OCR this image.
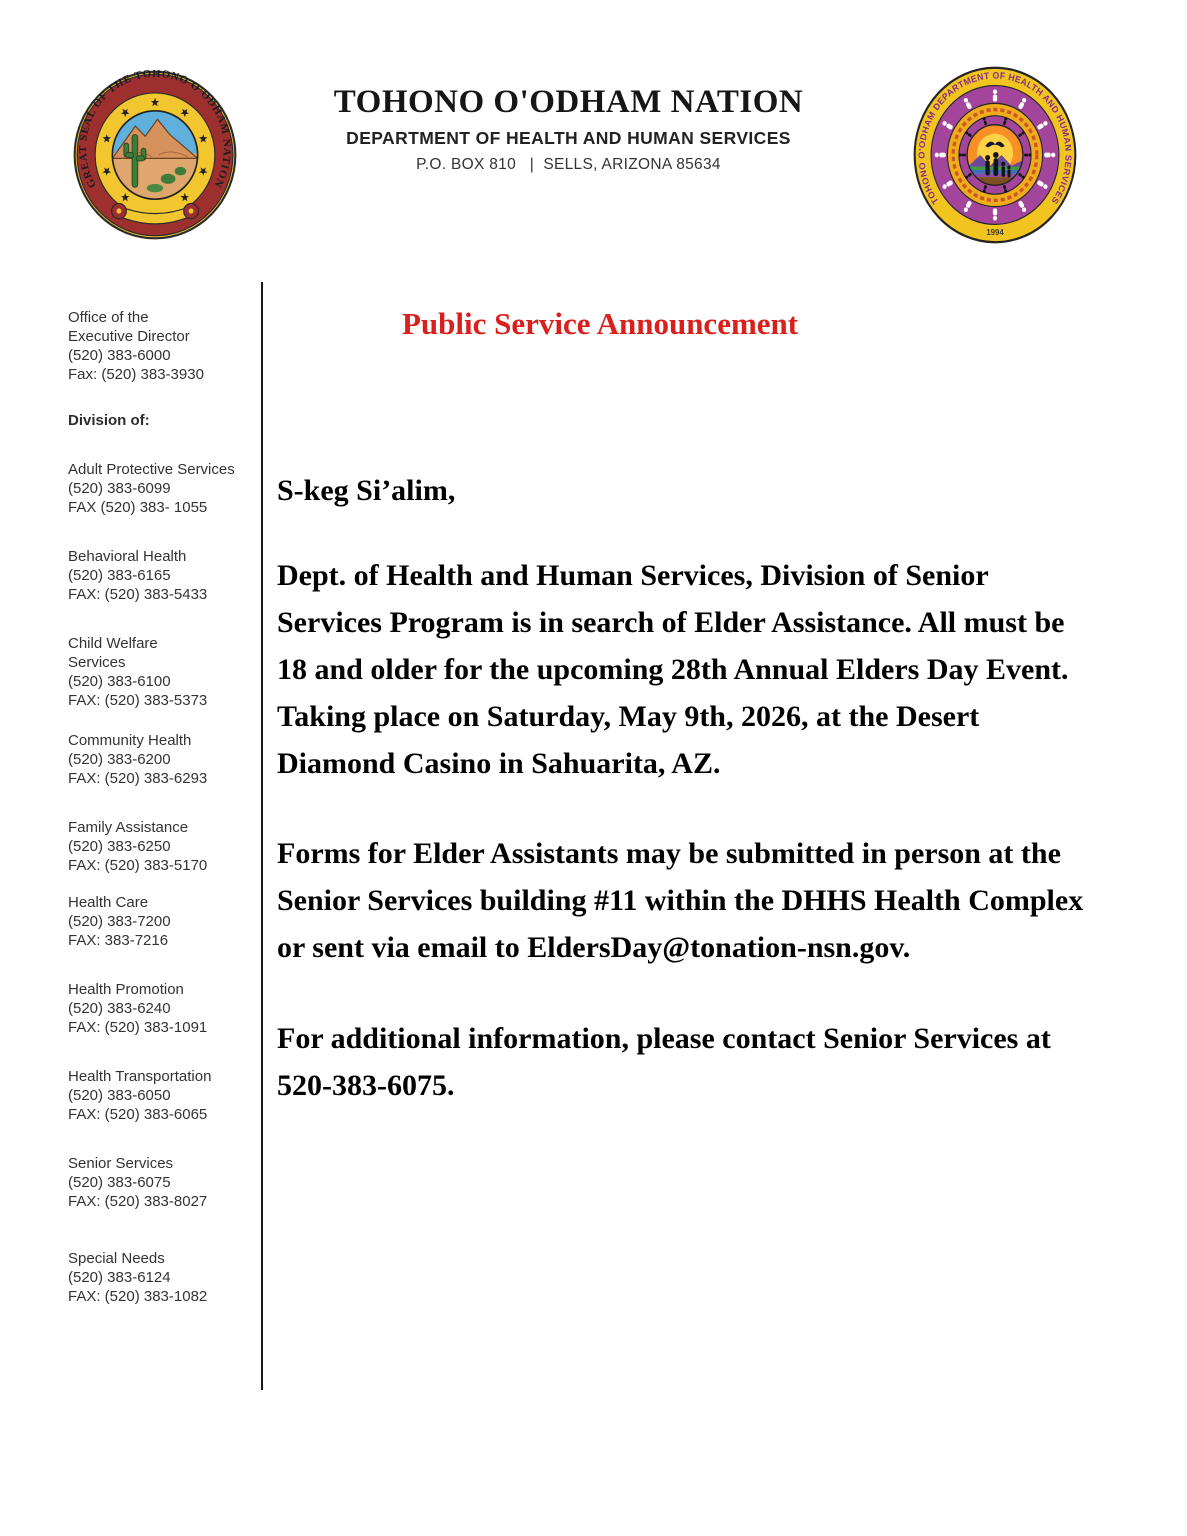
GREAT SEAL OF THE TOHONO O'ODHAM NATION
TOHONO O'ODHAM NATION
DEPARTMENT OF HEALTH AND HUMAN SERVICES
P.O. BOX 810   |  SELLS, ARIZONA 85634
TOHONO O'ODHAM DEPARTMENT OF HEALTH AND HUMAN SERVICES
1994
Office of the
Executive Director
(520) 383-6000
Fax: (520) 383-3930
Division of:
Adult Protective Services
(520) 383-6099
FAX (520) 383- 1055
Behavioral Health
(520) 383-6165
FAX: (520) 383-5433
Child Welfare
Services
(520) 383-6100
FAX: (520) 383-5373
Community Health
(520) 383-6200
FAX: (520) 383-6293
Family Assistance
(520) 383-6250
FAX: (520) 383-5170
Health Care
(520) 383-7200
FAX: 383-7216
Health Promotion
(520) 383-6240
FAX: (520) 383-1091
Health Transportation
(520) 383-6050
FAX: (520) 383-6065
Senior Services
(520) 383-6075
FAX: (520) 383-8027
Special Needs
(520) 383-6124
FAX: (520) 383-1082
Public Service Announcement

S-keg Si’alim,

Dept. of Health and Human Services, Division of Senior
Services Program is in search of Elder Assistance. All must be
18 and older for the upcoming 28th Annual Elders Day Event.
Taking place on Saturday, May 9th, 2026, at the Desert
Diamond Casino in Sahuarita, AZ.
Forms for Elder Assistants may be submitted in person at the
Senior Services building #11 within the DHHS Health Complex
or sent via email to EldersDay@tonation-nsn.gov.
For additional information, please contact Senior Services at
520-383-6075.
